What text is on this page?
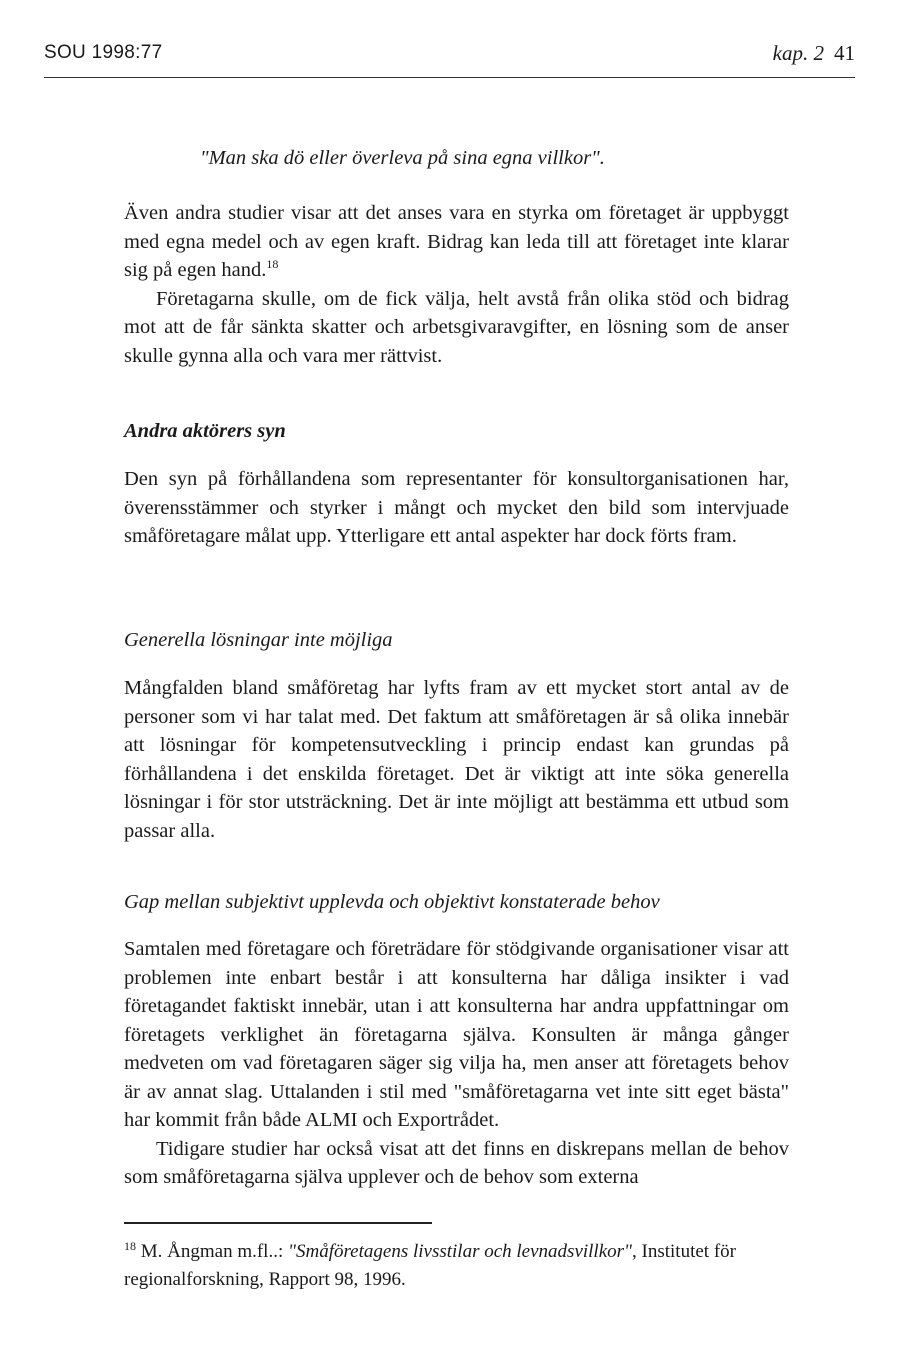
SOU 1998:77	kap. 2 41
"Man ska dö eller överleva på sina egna villkor".

Även andra studier visar att det anses vara en styrka om företaget är uppbyggt med egna medel och av egen kraft. Bidrag kan leda till att företaget inte klarar sig på egen hand.$^{18}$

Företagarna skulle, om de fick välja, helt avstå från olika stöd och bidrag mot att de får sänkta skatter och arbetsgivaravgifter, en lösning som de anser skulle gynna alla och vara mer rättvist.

Andra aktörers syn

Den syn på förhållandena som representanter för konsultorganisationen har, överensstämmer och styrker i mångt och mycket den bild som intervjuade småföretagare målat upp. Ytterligare ett antal aspekter har dock förts fram.

Generella lösningar inte möjliga

Mångfalden bland småföretag har lyfts fram av ett mycket stort antal av de personer som vi har talat med. Det faktum att småföretagen är så olika innebär att lösningar för kompetensutveckling i princip endast kan grundas på förhållandena i det enskilda företaget. Det är viktigt att inte söka generella lösningar i för stor utsträckning. Det är inte möjligt att bestämma ett utbud som passar alla.

Gap mellan subjektivt upplevda och objektivt konstaterade behov

Samtalen med företagare och företrädare för stödgivande organisationer visar att problemen inte enbart består i att konsulterna har dåliga insikter i vad företagandet faktiskt innebär, utan i att konsulterna har andra uppfattningar om företagets verklighet än företagarna själva. Konsulten är många gånger medveten om vad företagaren säger sig vilja ha, men anser att företagets behov är av annat slag. Uttalanden i stil med "småföretagarna vet inte sitt eget bästa" har kommit från både ALMI och Exportrådet.

Tidigare studier har också visat att det finns en diskrepans mellan de behov som småföretagarna själva upplever och de behov som externa

$^{18}$ M. Ångman m.fl..: "Småföretagens livsstilar och levnadsvillkor", Institutet för regionalforskning, Rapport 98, 1996.
